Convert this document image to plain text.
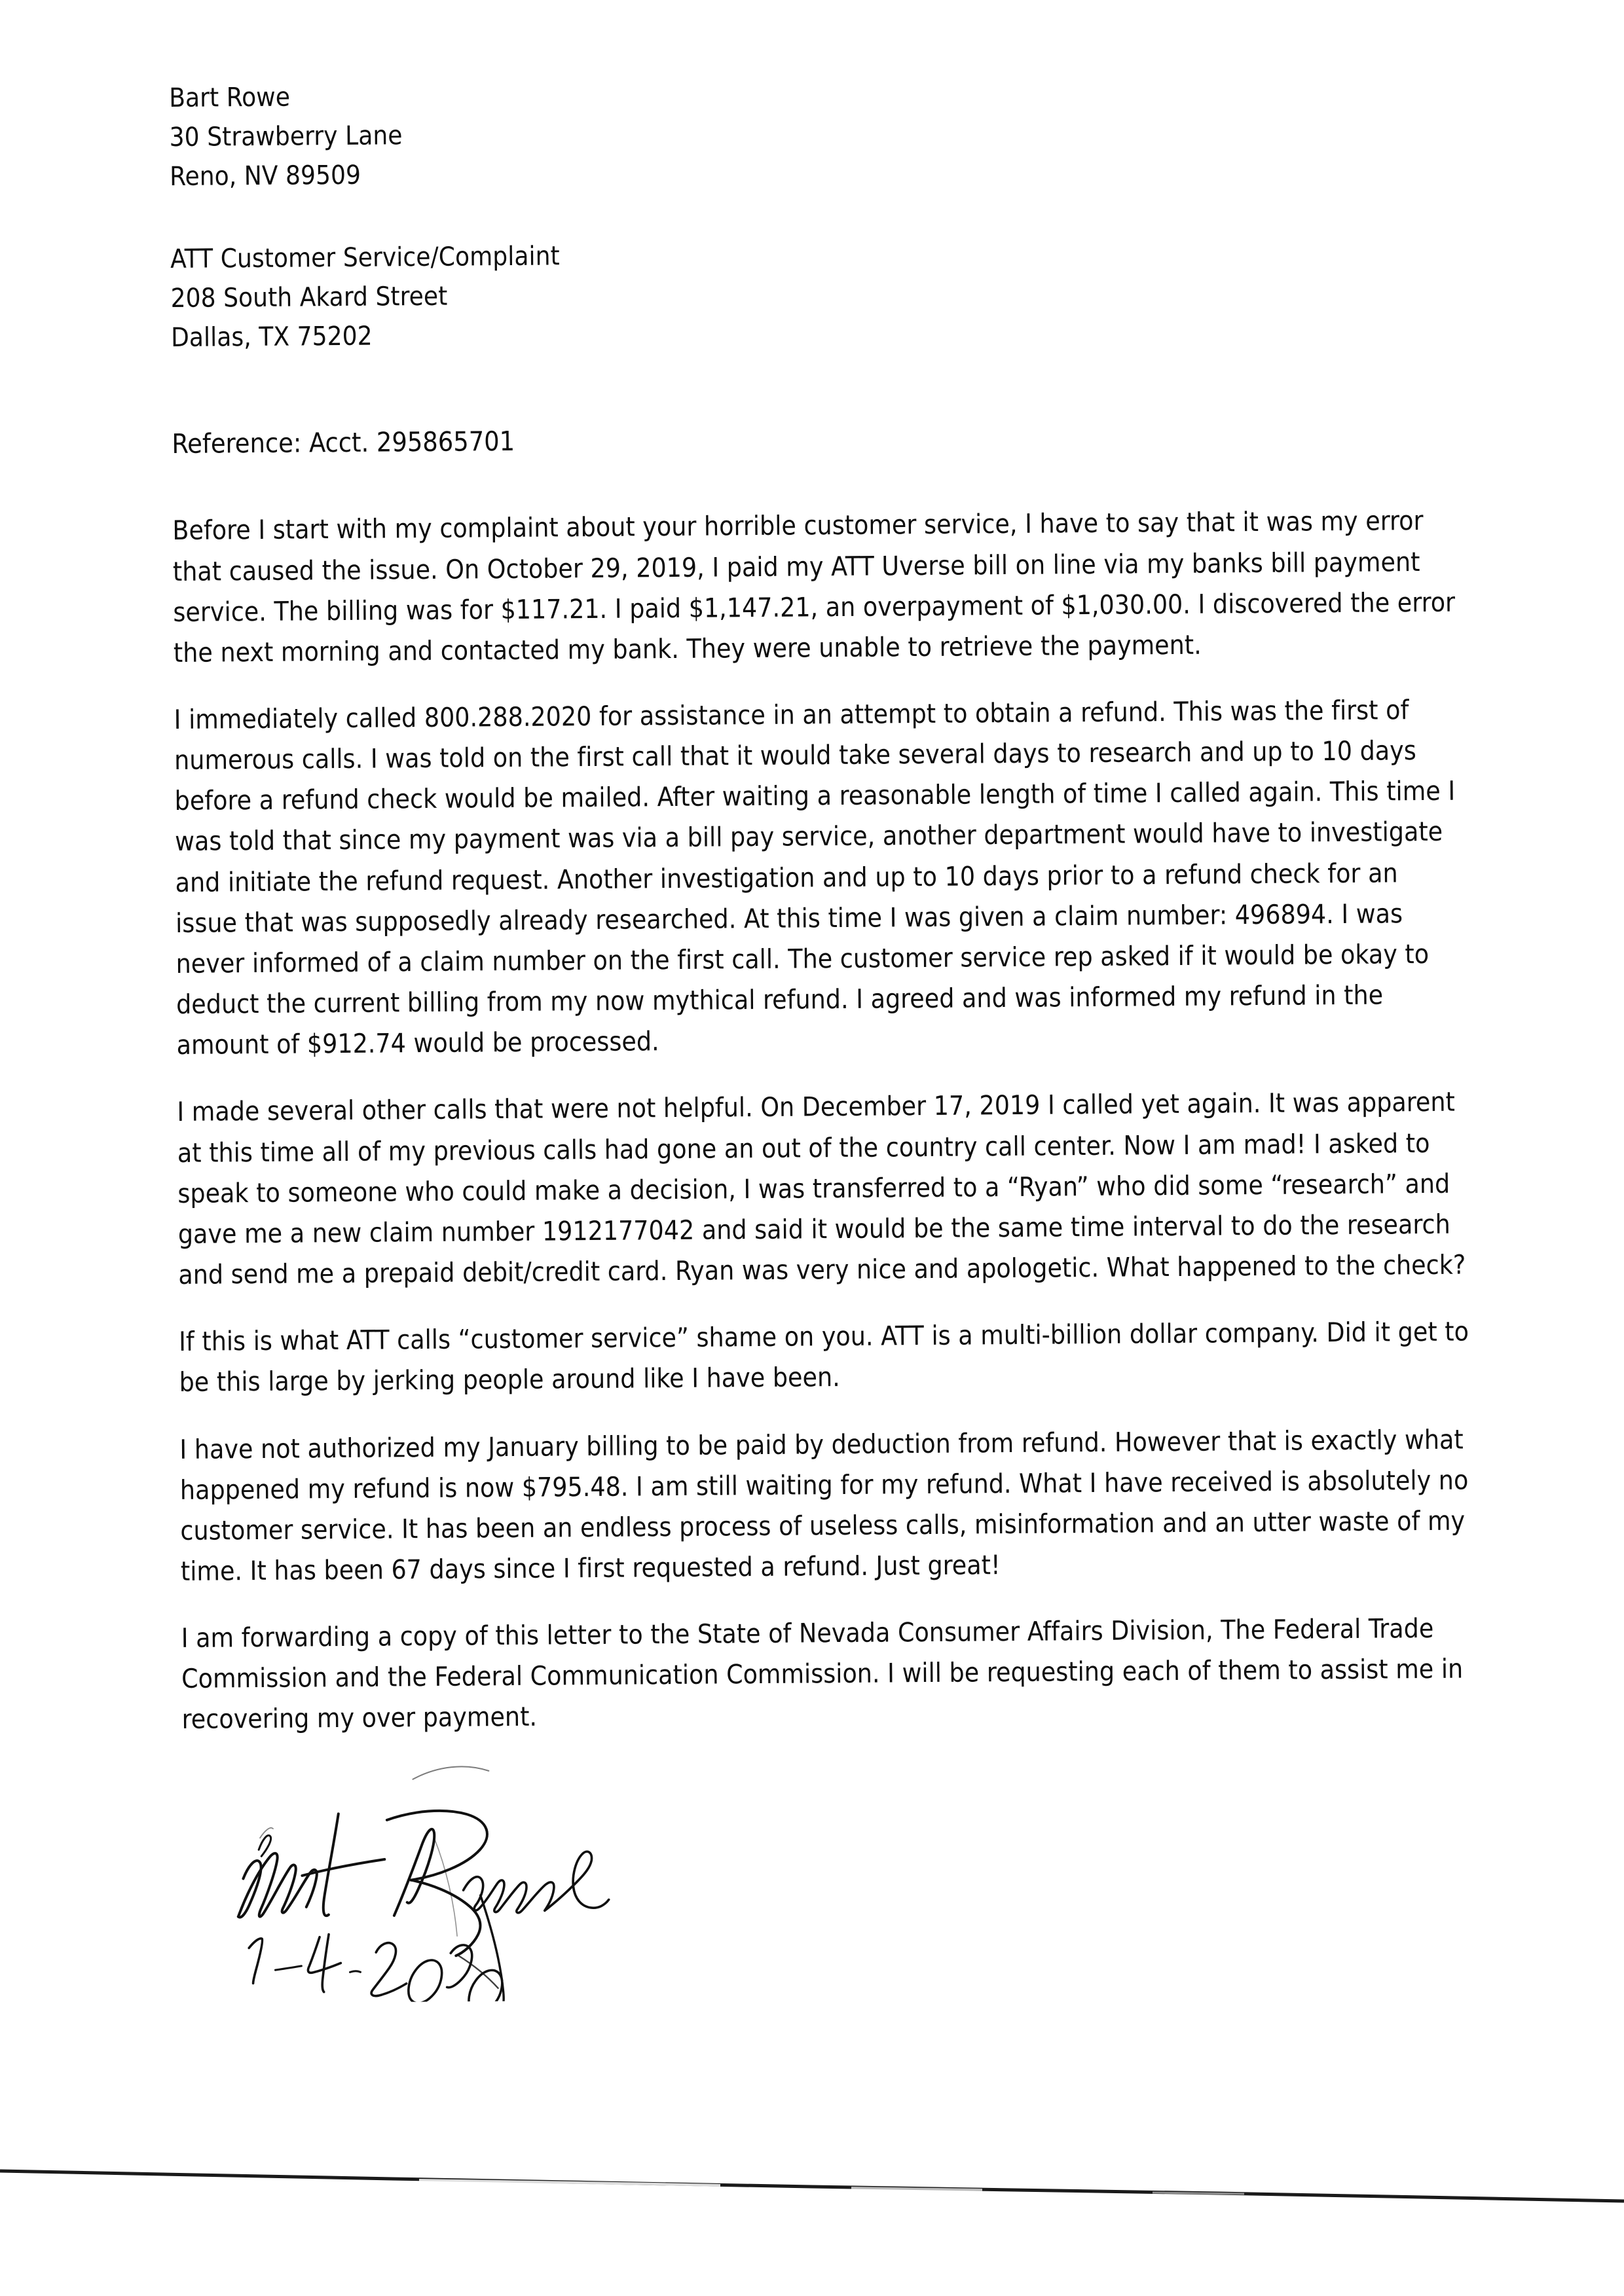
Bart Rowe
30 Strawberry Lane
Reno, NV 89509
ATT Customer Service/Complaint
208 South Akard Street
Dallas, TX 75202
Reference: Acct. 295865701

Before I start with my complaint about your horrible customer service, I have to say that it was my error that caused the issue. On October 29, 2019, I paid my ATT Uverse bill on line via my banks bill payment service. The billing was for $117.21. I paid $1,147.21, an overpayment of $1,030.00. I discovered the error the next morning and contacted my bank. They were unable to retrieve the payment.

I immediately called 800.288.2020 for assistance in an attempt to obtain a refund. This was the first of numerous calls. I was told on the first call that it would take several days to research and up to 10 days before a refund check would be mailed. After waiting a reasonable length of time I called again. This time I was told that since my payment was via a bill pay service, another department would have to investigate and initiate the refund request. Another investigation and up to 10 days prior to a refund check for an issue that was supposedly already researched. At this time I was given a claim number: 496894. I was never informed of a claim number on the first call. The customer service rep asked if it would be okay to deduct the current billing from my now mythical refund. I agreed and was informed my refund in the amount of $912.74 would be processed.

I made several other calls that were not helpful. On December 17, 2019 I called yet again. It was apparent at this time all of my previous calls had gone an out of the country call center. Now I am mad! I asked to speak to someone who could make a decision, I was transferred to a “Ryan” who did some “research” and gave me a new claim number 1912177042 and said it would be the same time interval to do the research and send me a prepaid debit/credit card. Ryan was very nice and apologetic. What happened to the check?

If this is what ATT calls “customer service” shame on you. ATT is a multi-billion dollar company. Did it get to be this large by jerking people around like I have been.

I have not authorized my January billing to be paid by deduction from refund. However that is exactly what happened my refund is now $795.48. I am still waiting for my refund. What I have received is absolutely no customer service. It has been an endless process of useless calls, misinformation and an utter waste of my time. It has been 67 days since I first requested a refund. Just great!

I am forwarding a copy of this letter to the State of Nevada Consumer Affairs Division, The Federal Trade Commission and the Federal Communication Commission. I will be requesting each of them to assist me in recovering my over payment.
